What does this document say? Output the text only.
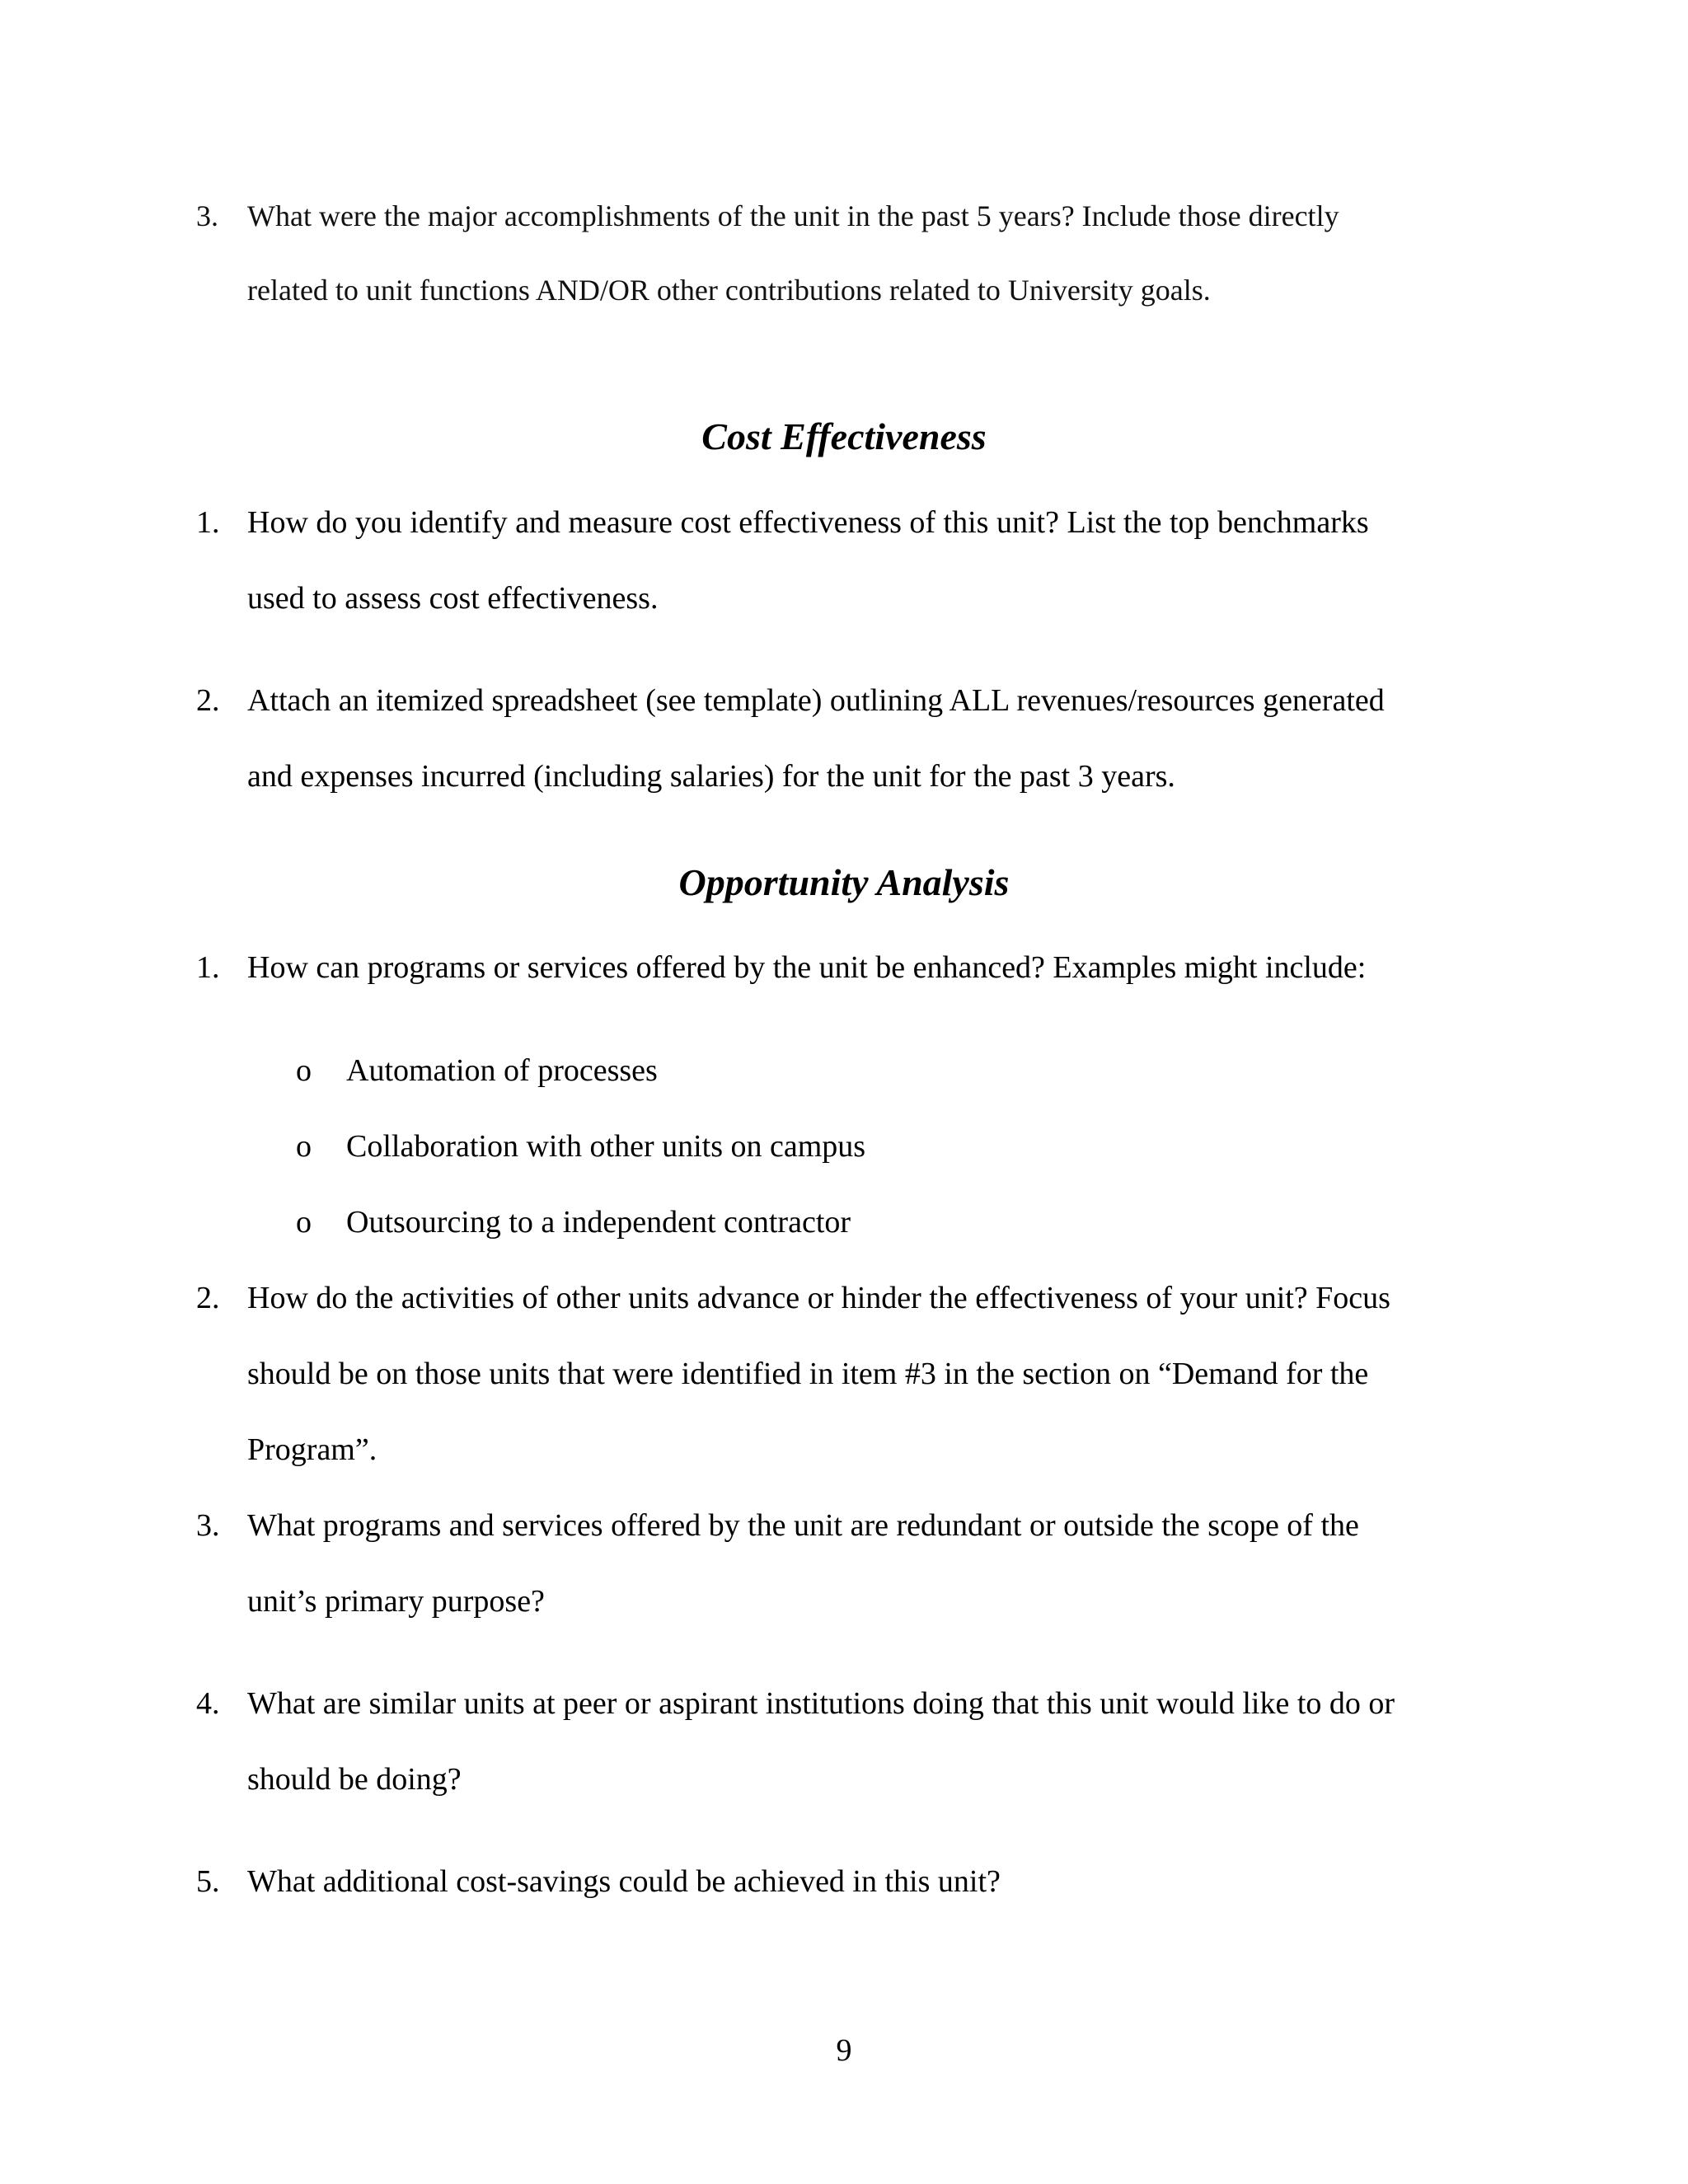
3. What were the major accomplishments of the unit in the past 5 years? Include those directly
related to unit functions AND/OR other contributions related to University goals.
Cost Effectiveness
1. How do you identify and measure cost effectiveness of this unit? List the top benchmarks
used to assess cost effectiveness.
2. Attach an itemized spreadsheet (see template) outlining ALL revenues/resources generated
and expenses incurred (including salaries) for the unit for the past 3 years.
Opportunity Analysis
1. How can programs or services offered by the unit be enhanced? Examples might include:
o Automation of processes
o Collaboration with other units on campus
o Outsourcing to a independent contractor
2. How do the activities of other units advance or hinder the effectiveness of your unit? Focus
should be on those units that were identified in item #3 in the section on “Demand for the
Program”.
3. What programs and services offered by the unit are redundant or outside the scope of the
unit’s primary purpose?
4. What are similar units at peer or aspirant institutions doing that this unit would like to do or
should be doing?
5. What additional cost-savings could be achieved in this unit?
9
